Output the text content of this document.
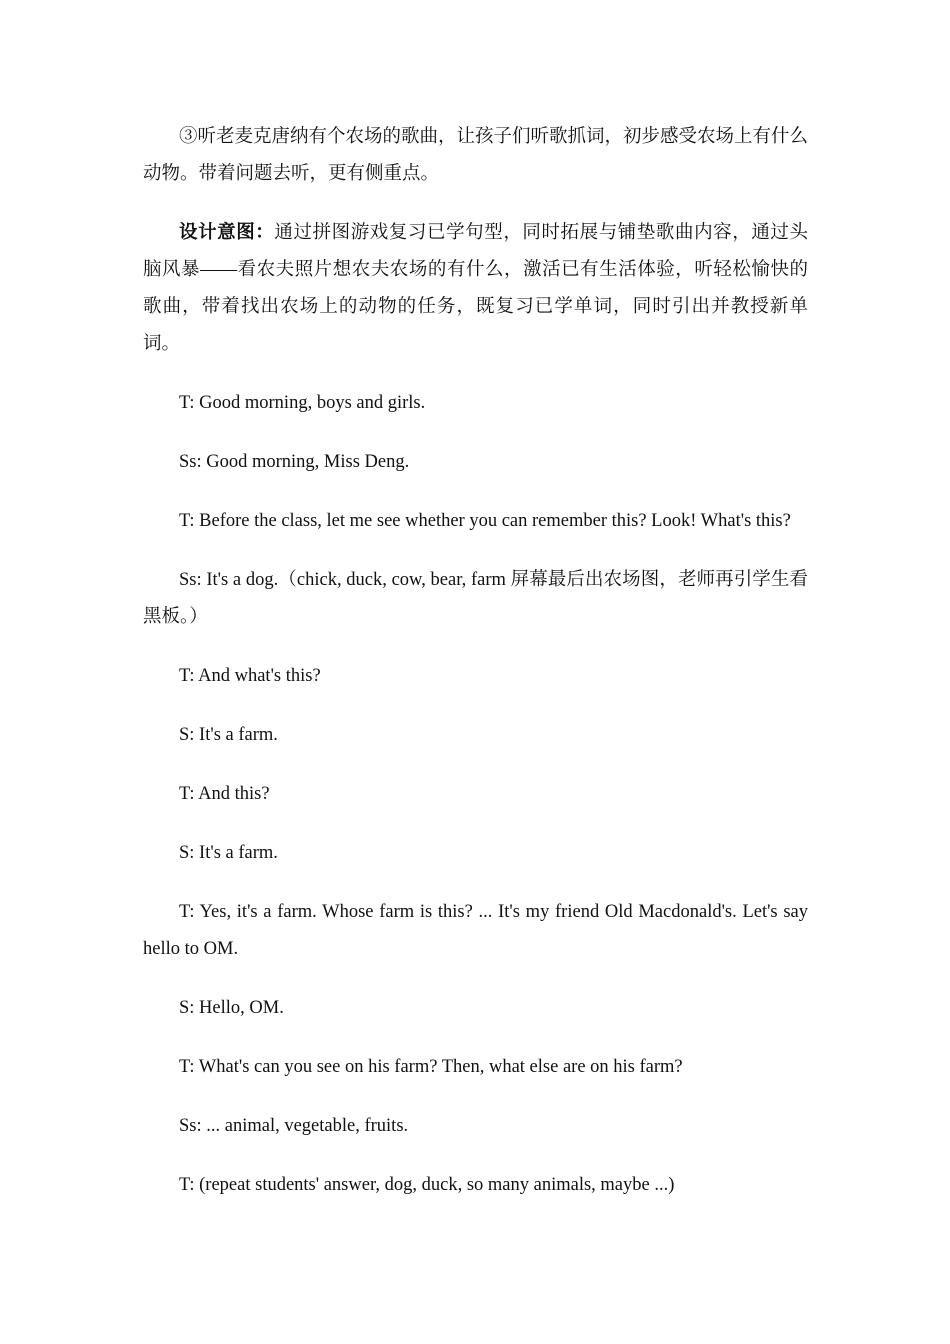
③听老麦克唐纳有个农场的歌曲，让孩子们听歌抓词，初步感受农场上有什么动物。带着问题去听，更有侧重点。

设计意图：通过拼图游戏复习已学句型，同时拓展与铺垫歌曲内容，通过头脑风暴——看农夫照片想农夫农场的有什么，激活已有生活体验，听轻松愉快的歌曲，带着找出农场上的动物的任务，既复习已学单词，同时引出并教授新单词。

T: Good morning, boys and girls.

Ss: Good morning, Miss Deng.

T: Before the class, let me see whether you can remember this? Look! What's this?

Ss: It's a dog.（chick, duck, cow, bear, farm 屏幕最后出农场图，老师再引学生看黑板。）

T: And what's this?

S: It's a farm.

T: And this?

S: It's a farm.

T: Yes, it's a farm. Whose farm is this? ... It's my friend Old Macdonald's. Let's say hello to OM.

S: Hello, OM.

T: What's can you see on his farm? Then, what else are on his farm?

Ss: ... animal, vegetable, fruits.

T: (repeat students' answer, dog, duck, so many animals, maybe ...)
